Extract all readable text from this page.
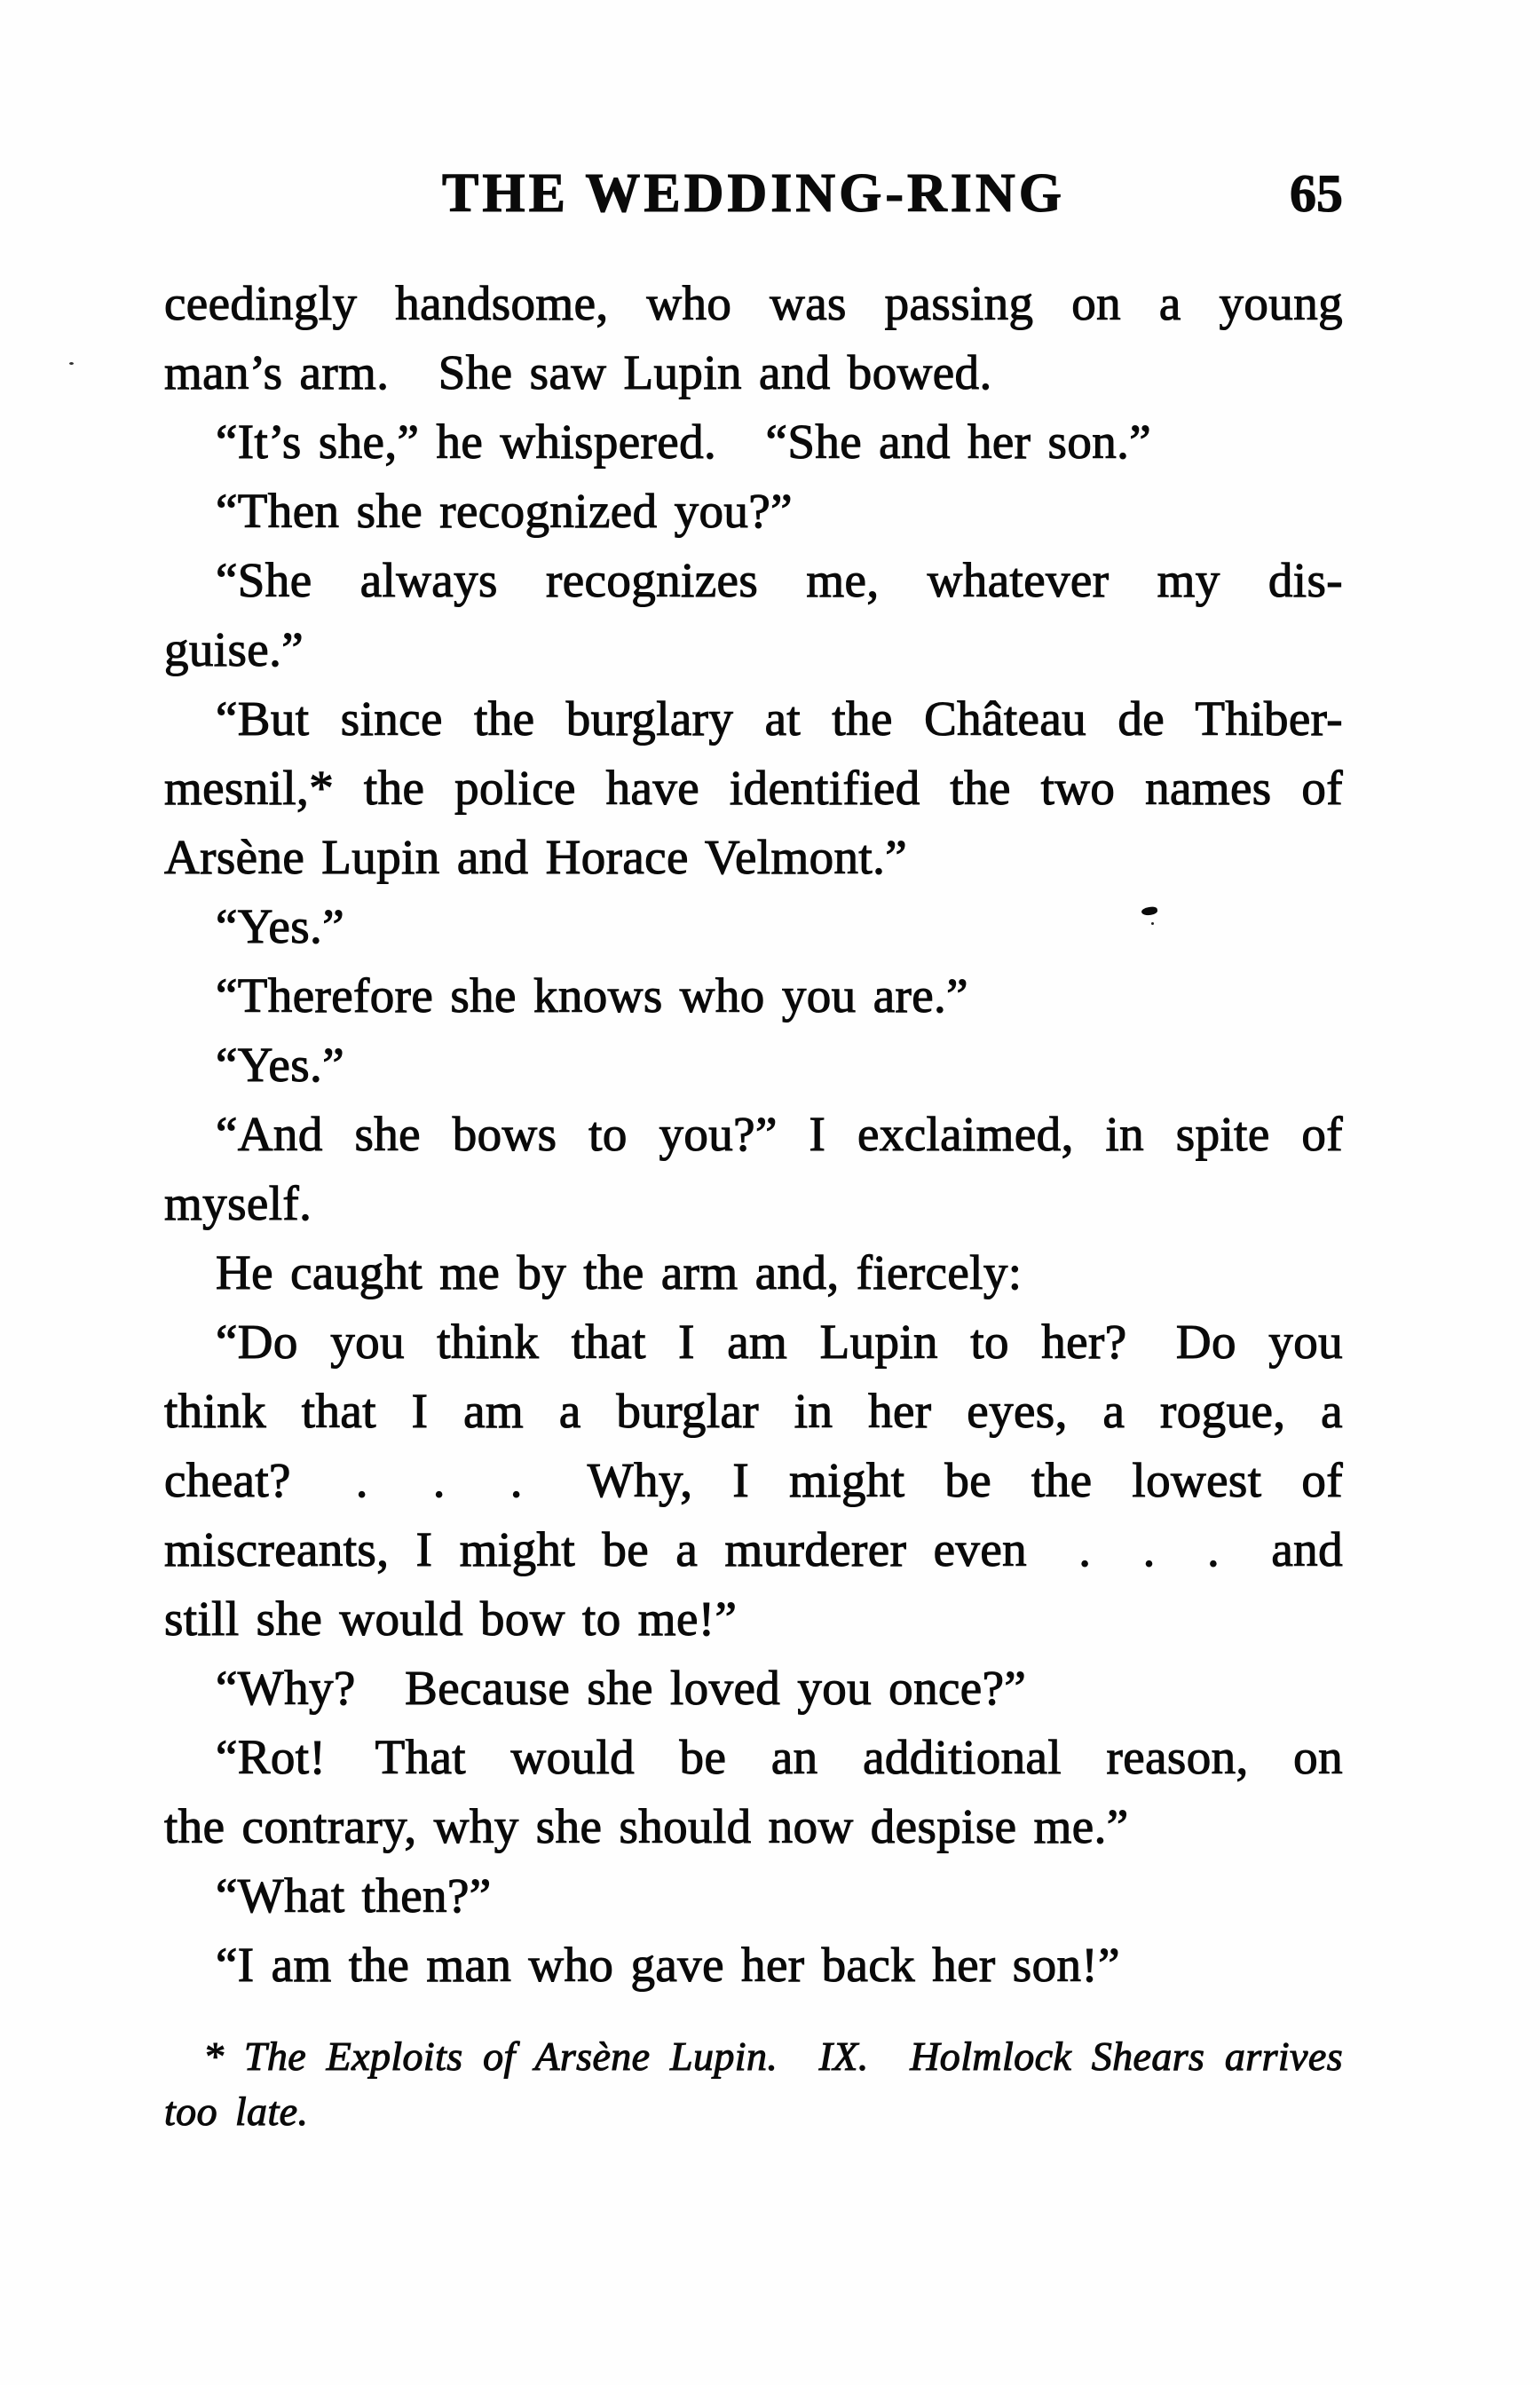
THE WEDDING-RING	65
ceedingly handsome, who was passing on a young
man’s arm. She saw Lupin and bowed.
“It’s she,” he whispered. “She and her son.”
“Then she recognized you?”
“She always recognizes me, whatever my dis-
guise.”
“But since the burglary at the Château de Thiber-
mesnil,* the police have identified the two names of
Arsène Lupin and Horace Velmont.”
“Yes.”
“Therefore she knows who you are.”
“Yes.”
“And she bows to you?” I exclaimed, in spite of
myself.
He caught me by the arm and, fiercely:
“Do you think that I am Lupin to her? Do you
think that I am a burglar in her eyes, a rogue, a
cheat?  .  .  .  Why, I might be the lowest of
miscreants, I might be a murderer even  .  .  .  and
still she would bow to me!”
“Why? Because she loved you once?”
“Rot! That would be an additional reason, on
the contrary, why she should now despise me.”
“What then?”
“I am the man who gave her back her son!”
* The Exploits of Arsène Lupin. IX. Holmlock Shears arrives
too late.
